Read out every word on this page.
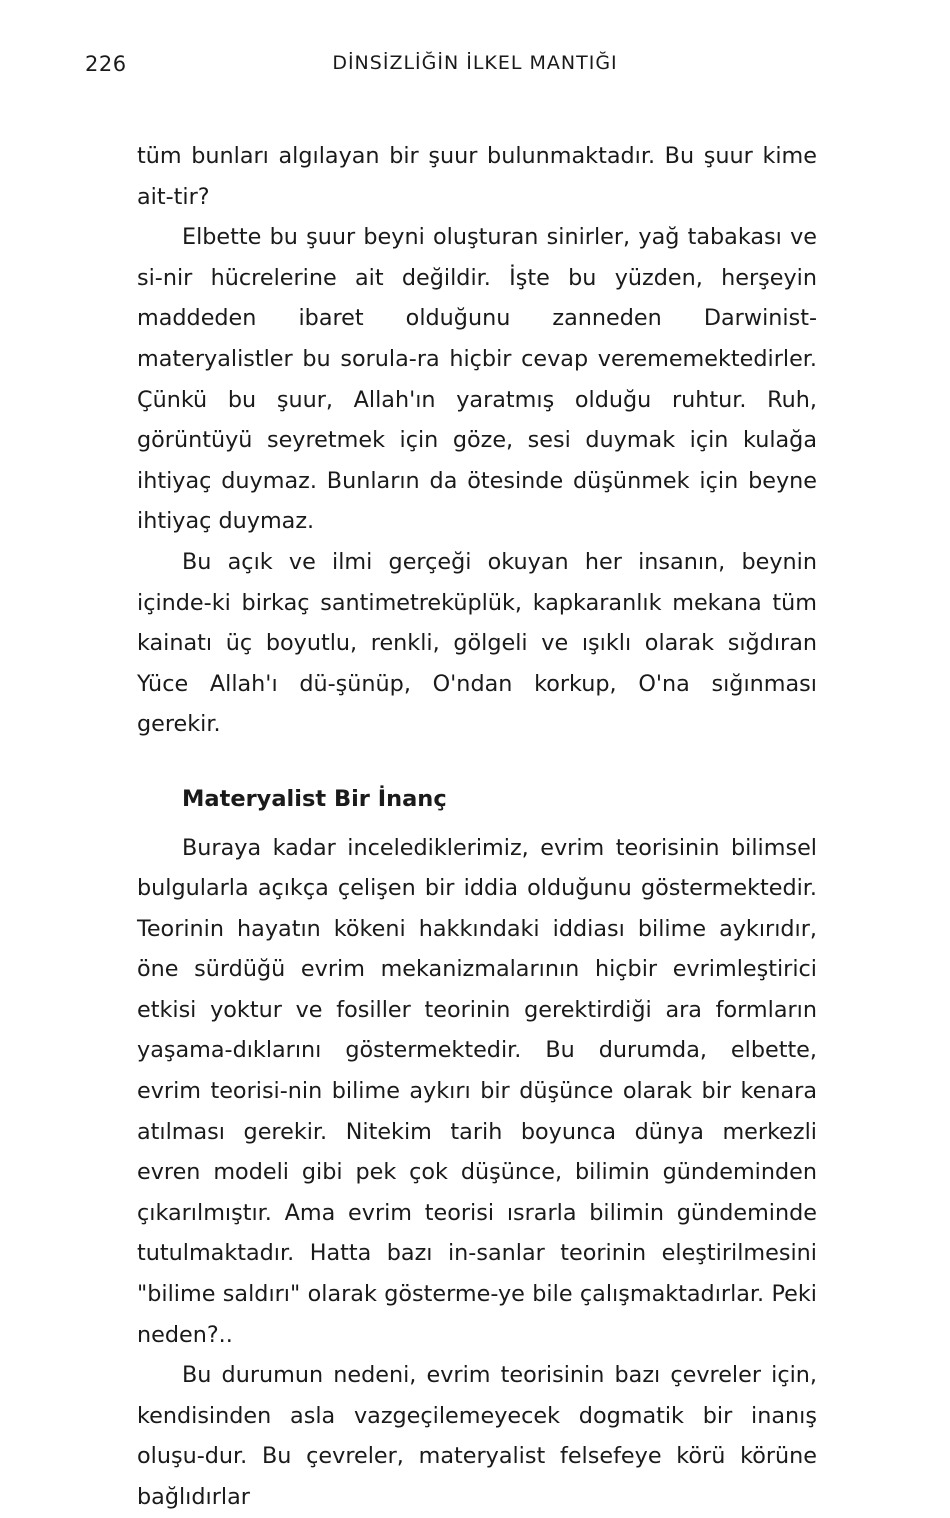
226	DİNSİZLİĞİN İLKEL MANTIĞI

tüm bunları algılayan bir şuur bulunmaktadır. Bu şuur kime ait-tir?

Elbette bu şuur beyni oluşturan sinirler, yağ tabakası ve si-nir hücrelerine ait değildir. İşte bu yüzden, herşeyin maddeden ibaret olduğunu zanneden Darwinist-materyalistler bu sorula-ra hiçbir cevap verememektedirler. Çünkü bu şuur, Allah'ın yaratmış olduğu ruhtur. Ruh, görüntüyü seyretmek için göze, sesi duymak için kulağa ihtiyaç duymaz. Bunların da ötesinde düşünmek için beyne ihtiyaç duymaz.

Bu açık ve ilmi gerçeği okuyan her insanın, beynin içinde-ki birkaç santimetreküplük, kapkaranlık mekana tüm kainatı üç boyutlu, renkli, gölgeli ve ışıklı olarak sığdıran Yüce Allah'ı dü-şünüp, O'ndan korkup, O'na sığınması gerekir.

Materyalist Bir İnanç

Buraya kadar incelediklerimiz, evrim teorisinin bilimsel bulgularla açıkça çelişen bir iddia olduğunu göstermektedir. Teorinin hayatın kökeni hakkındaki iddiası bilime aykırıdır, öne sürdüğü evrim mekanizmalarının hiçbir evrimleştirici etkisi yoktur ve fosiller teorinin gerektirdiği ara formların yaşama-dıklarını göstermektedir. Bu durumda, elbette, evrim teorisi-nin bilime aykırı bir düşünce olarak bir kenara atılması gerekir. Nitekim tarih boyunca dünya merkezli evren modeli gibi pek çok düşünce, bilimin gündeminden çıkarılmıştır. Ama evrim teorisi ısrarla bilimin gündeminde tutulmaktadır. Hatta bazı in-sanlar teorinin eleştirilmesini "bilime saldırı" olarak gösterme-ye bile çalışmaktadırlar. Peki neden?..

Bu durumun nedeni, evrim teorisinin bazı çevreler için, kendisinden asla vazgeçilemeyecek dogmatik bir inanış oluşu-dur. Bu çevreler, materyalist felsefeye körü körüne bağlıdırlar
